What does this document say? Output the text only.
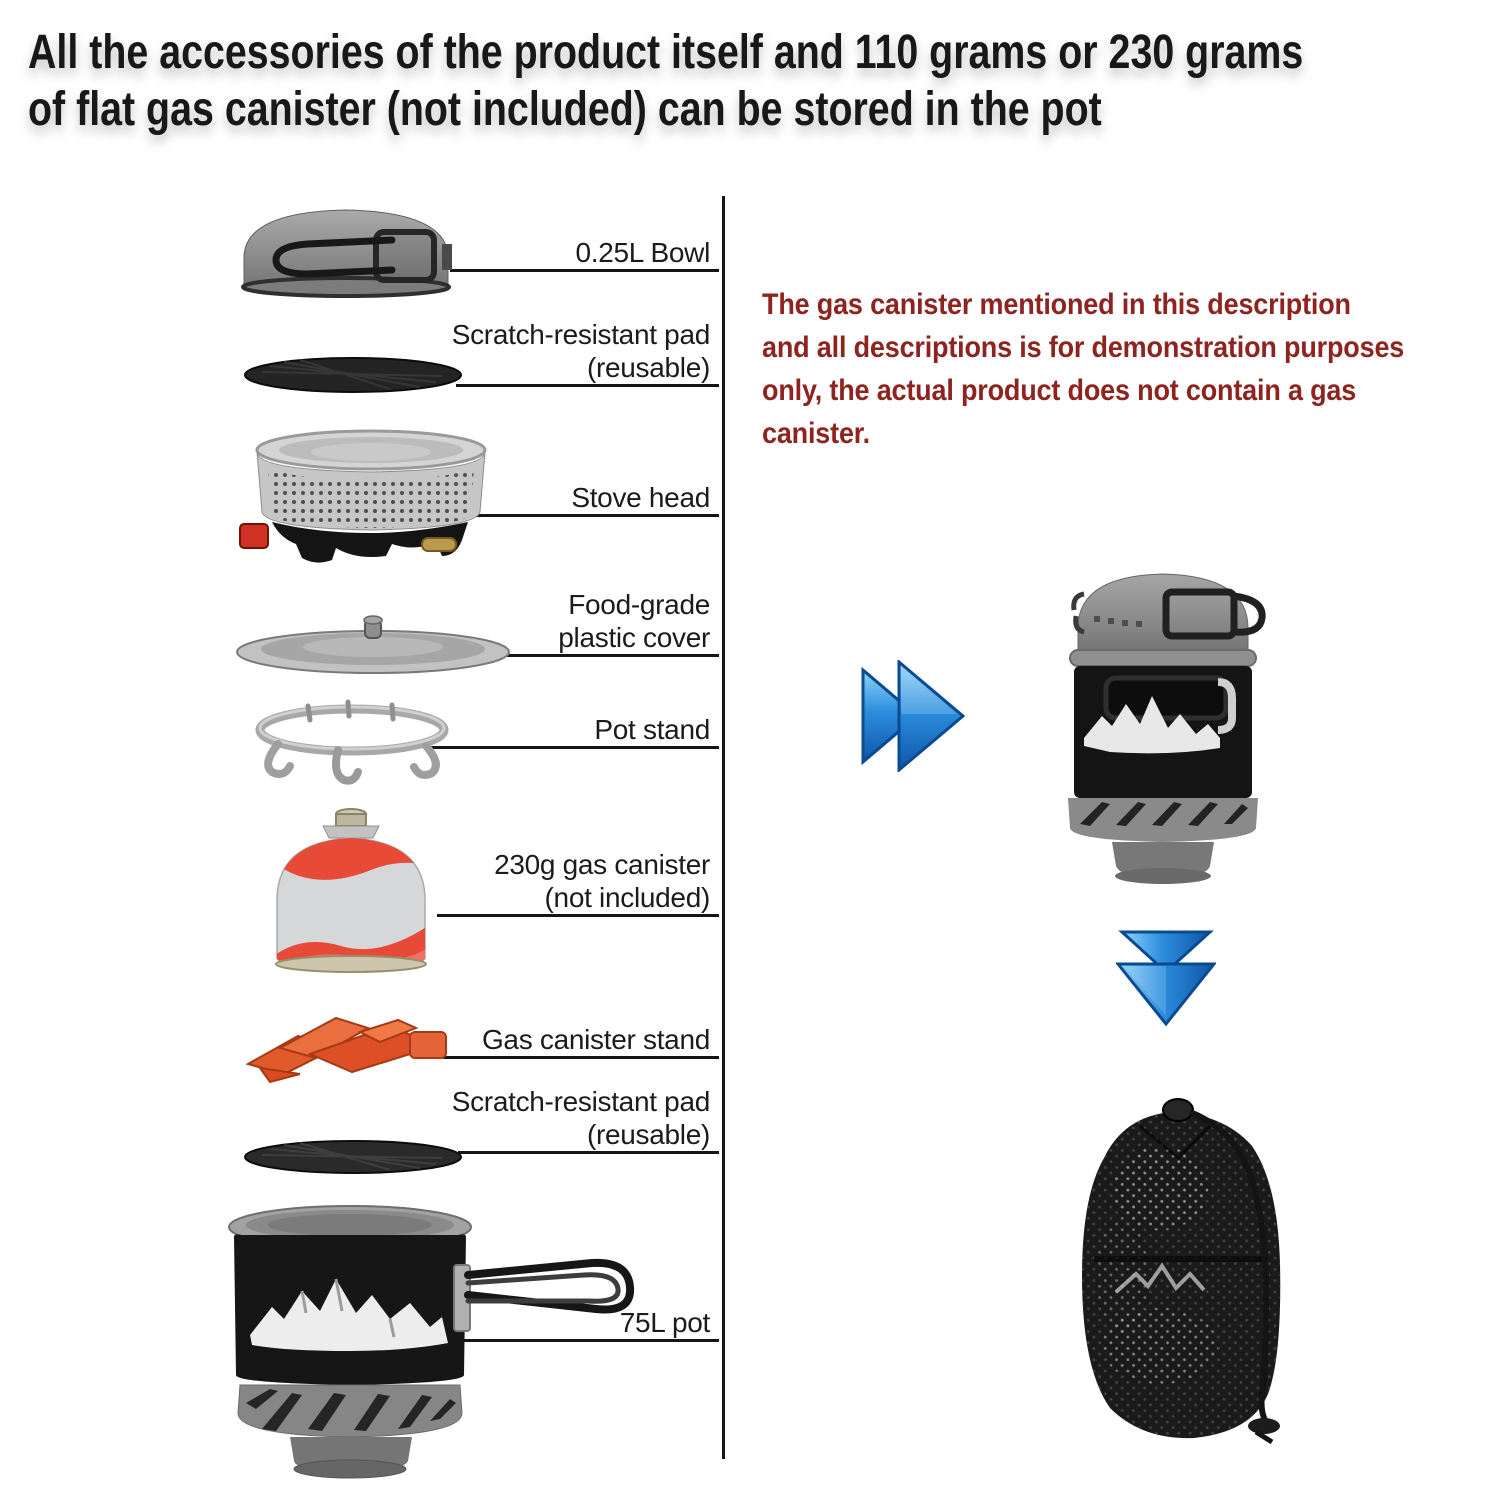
All the accessories of the product itself and 110 grams or 230 grams
of flat gas canister (not included) can be stored in the pot
0.25L Bowl
Scratch-resistant pad (reusable)
Stove head
Food-grade plastic cover
Pot stand
230g gas canister (not included)
Gas canister stand
Scratch-resistant pad (reusable)
75L pot
The gas canister mentioned in this description
and all descriptions is for demonstration purposes
only, the actual product does not contain a gas
canister.
